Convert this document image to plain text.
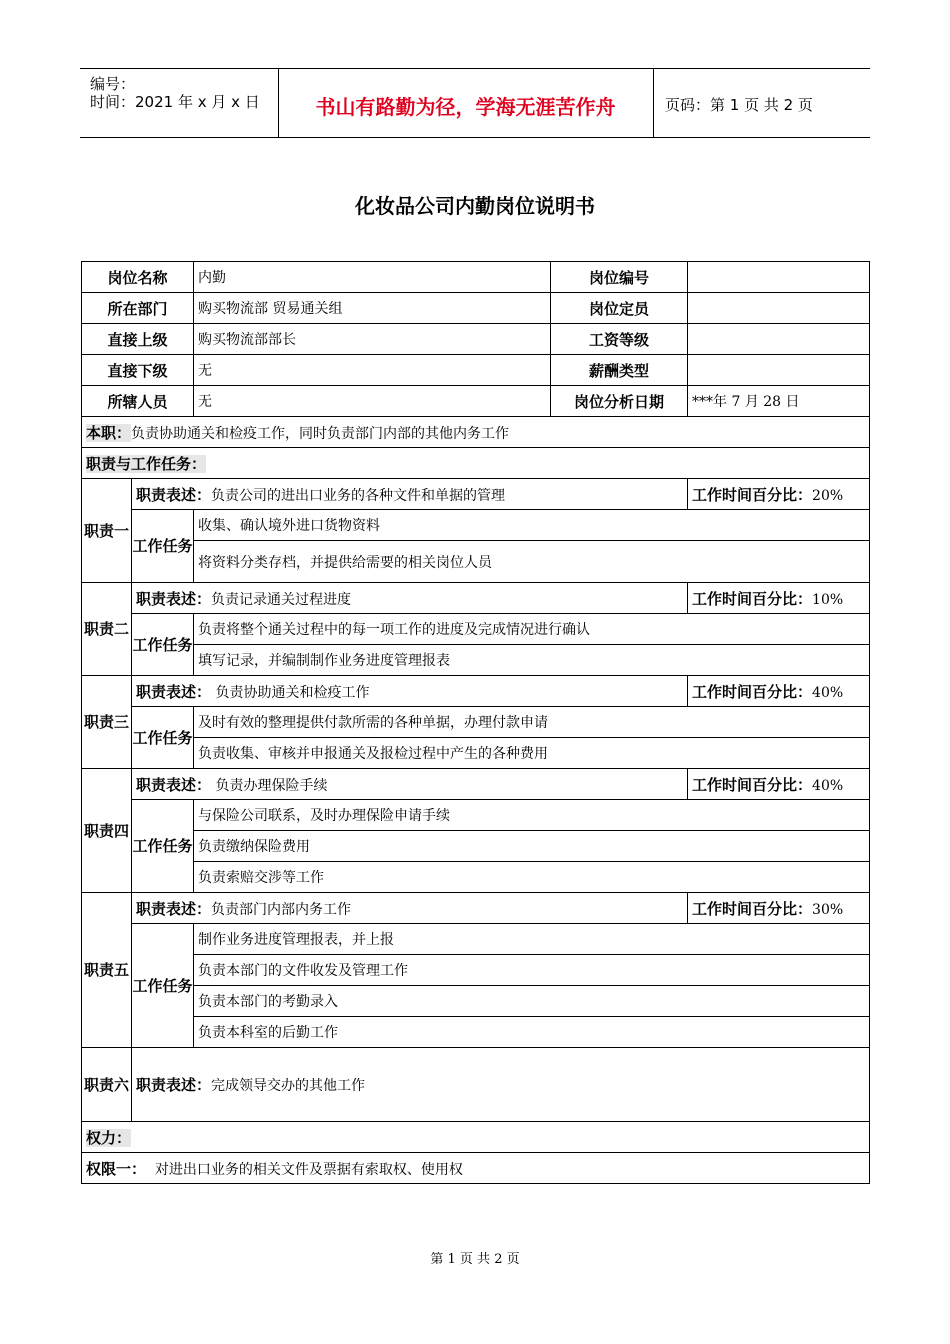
编号：
时间：2021 年 x 月 x 日	书山有路勤为径，学海无涯苦作舟	页码：第 1 页 共 2 页
化妆品公司内勤岗位说明书
岗位名称		内勤	岗位编号	
所在部门		购买物流部 贸易通关组	岗位定员	
直接上级		购买物流部部长	工资等级	
直接下级		无	薪酬类型	
所辖人员		无	岗位分析日期	***年 7 月 28 日
本职：负责协助通关和检疫工作，同时负责部门内部的其他内务工作				
职责与工作任务：				
职责一	职责表述：负责公司的进出口业务的各种文件和单据的管理			工作时间百分比：20%
	工作任务	收集、确认境外进口货物资料		
		将资料分类存档，并提供给需要的相关岗位人员		
职责二	职责表述：负责记录通关过程进度			工作时间百分比：10%
	工作任务	负责将整个通关过程中的每一项工作的进度及完成情况进行确认		
		填写记录，并编制制作业务进度管理报表		
职责三	职责表述： 负责协助通关和检疫工作			工作时间百分比：40%
	工作任务	及时有效的整理提供付款所需的各种单据，办理付款申请		
		负责收集、审核并申报通关及报检过程中产生的各种费用		
职责四	职责表述： 负责办理保险手续			工作时间百分比：40%
	工作任务	与保险公司联系，及时办理保险申请手续		
		负责缴纳保险费用		
		负责索赔交涉等工作		
职责五	职责表述：负责部门内部内务工作			工作时间百分比：30%
	工作任务	制作业务进度管理报表，并上报		
		负责本部门的文件收发及管理工作		
		负责本部门的考勤录入		
		负责本科室的后勤工作		
职责六	职责表述：完成领导交办的其他工作			
权力：				
权限一： 对进出口业务的相关文件及票据有索取权、使用权				
第 1 页 共 2 页
